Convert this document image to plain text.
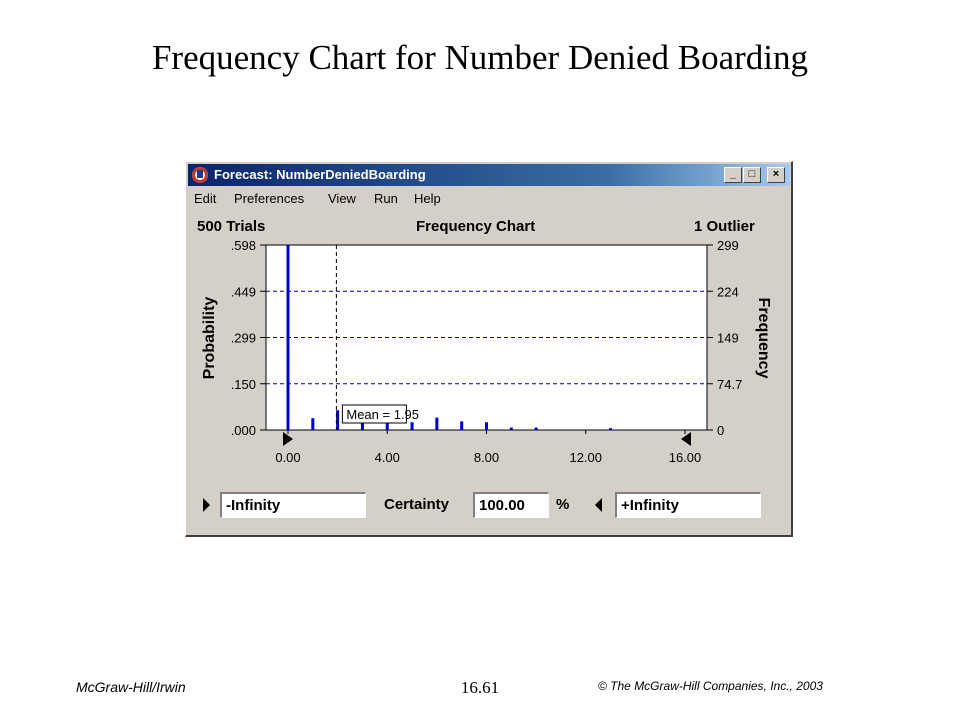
Frequency Chart for Number Denied Boarding
Forecast: NumberDeniedBoarding	_	□	×
Edit Preferences View Run Help
500 Trials	Frequency Chart	1 Outlier
Mean = 1.95
.000
.150
.299
.449
.598
0
74.7
149
224
299
0.00	4.00	8.00	12.00	16.00
Probability	Frequency
-Infinity	Certainty	100.00	%	+Infinity
McGraw-Hill/Irwin	16.61	© The McGraw-Hill Companies, Inc., 2003
